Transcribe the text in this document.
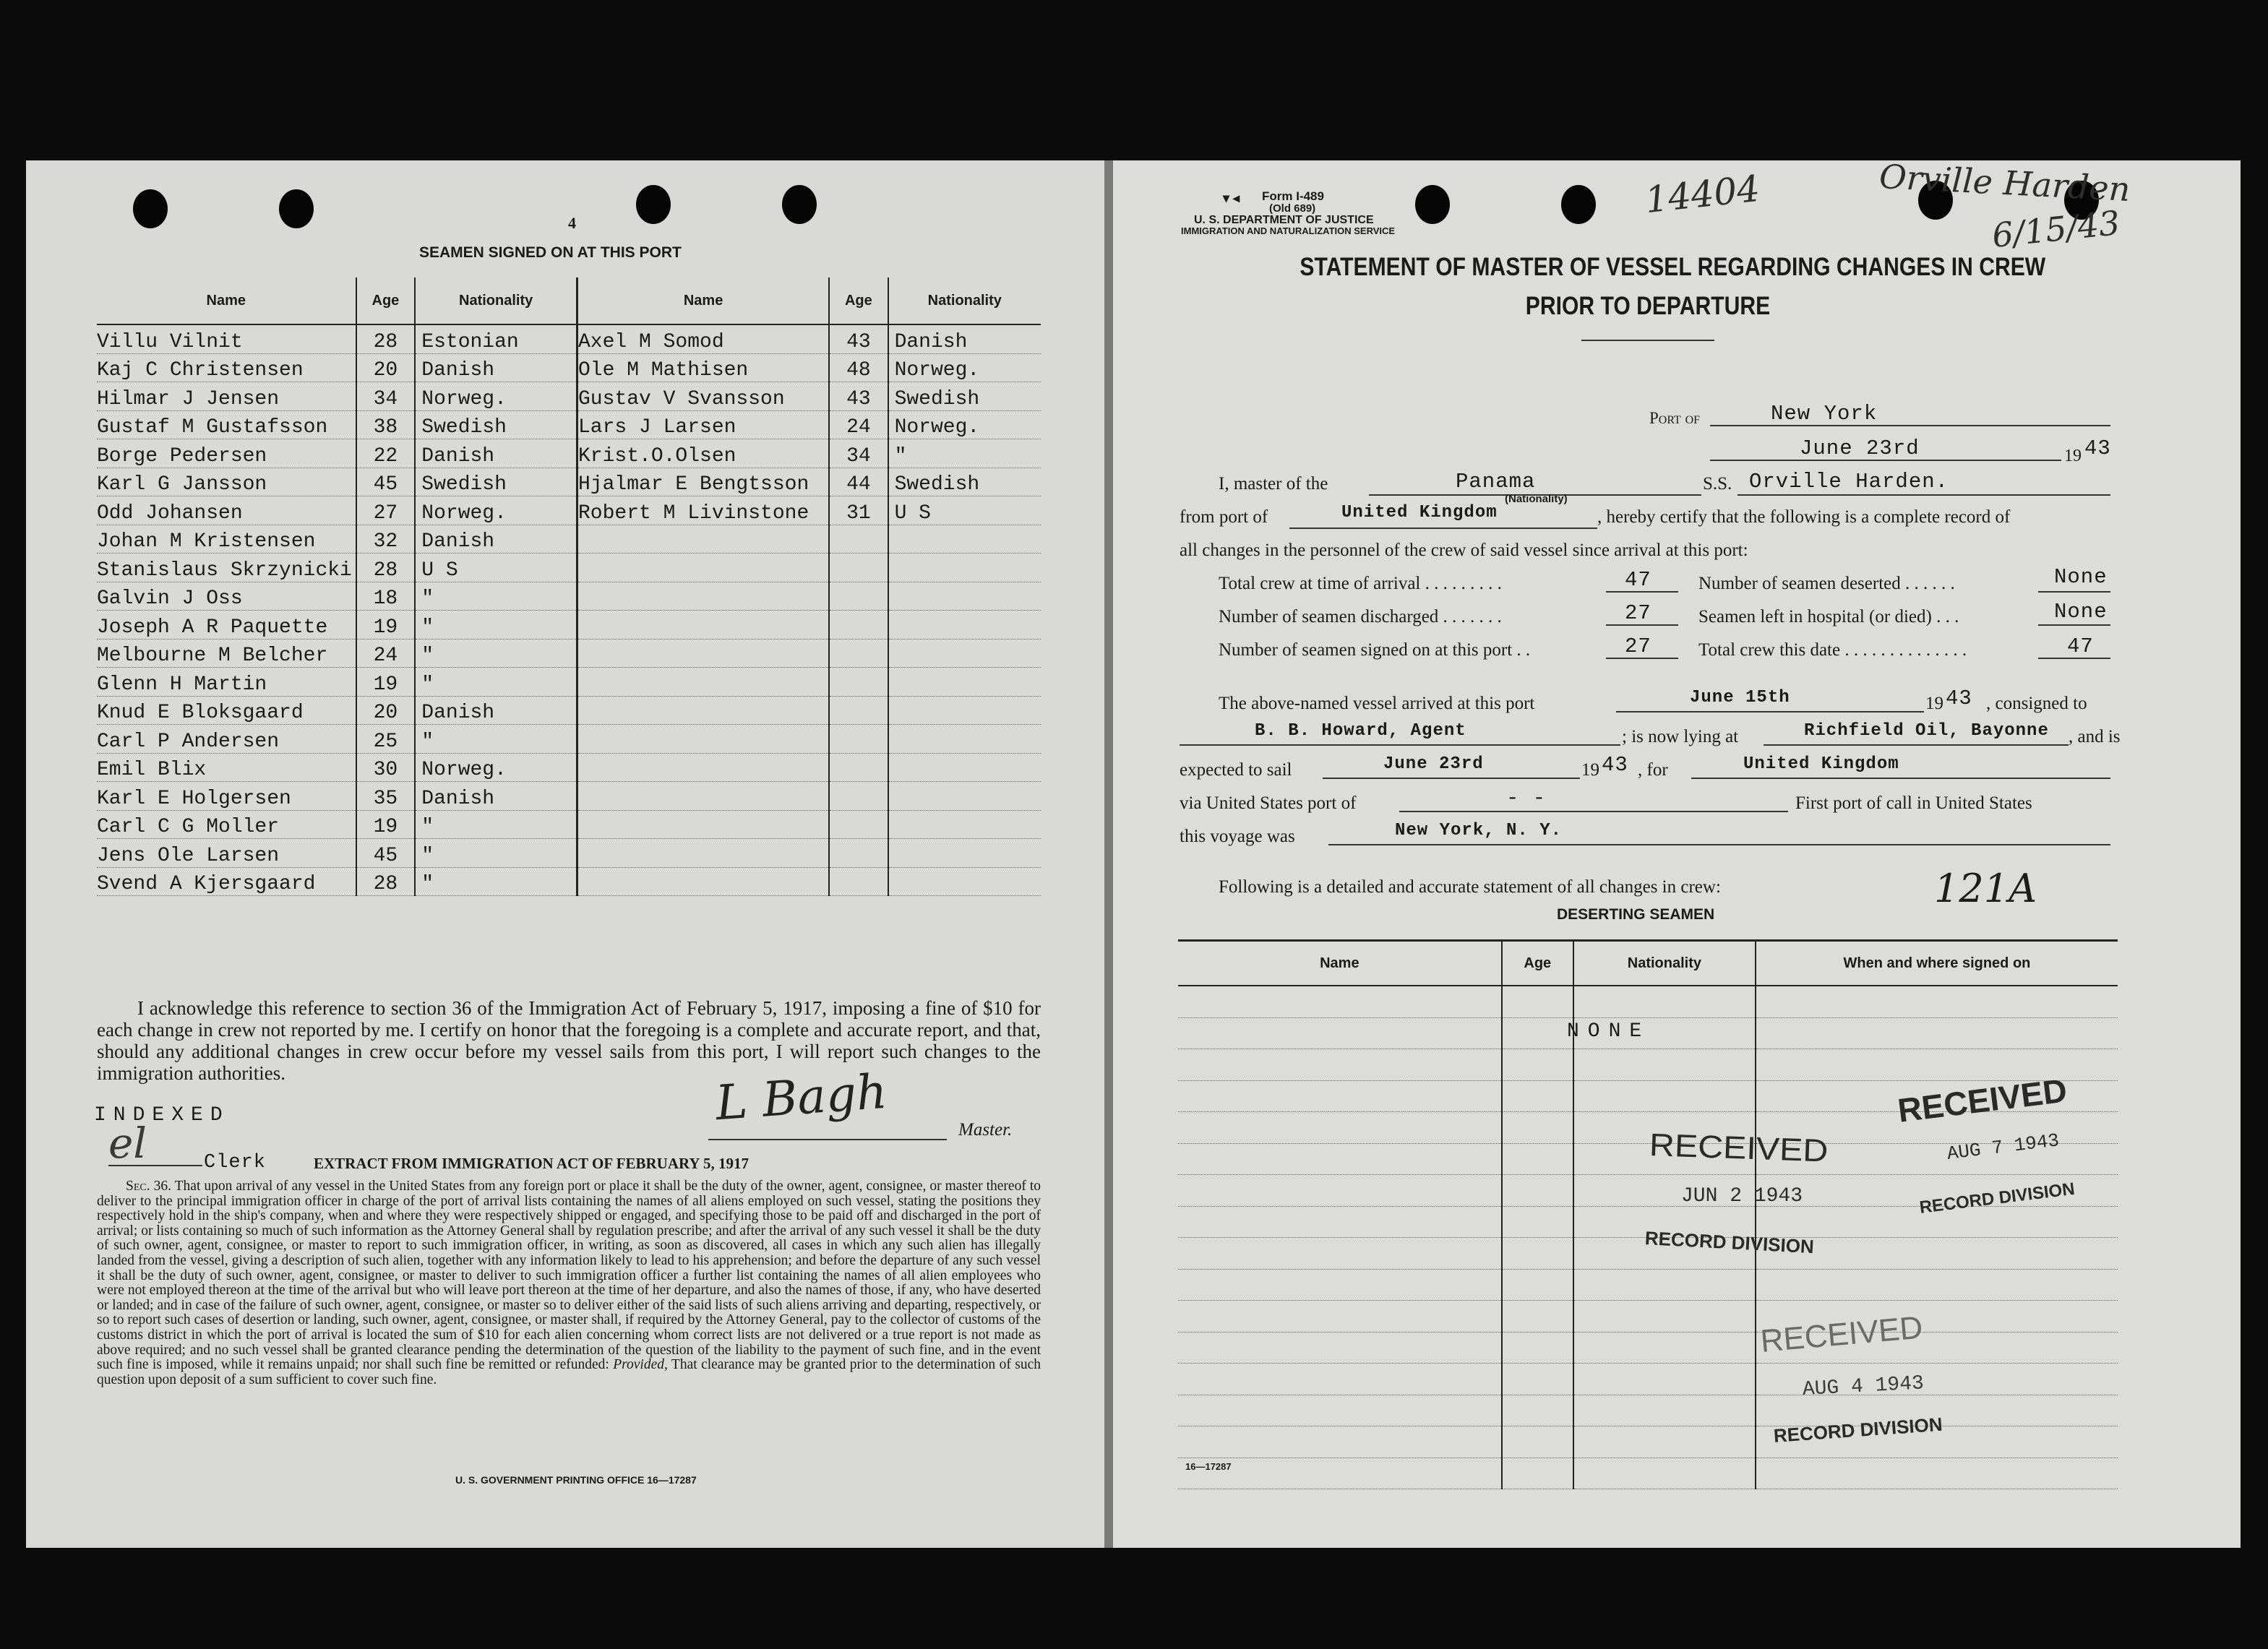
4
SEAMEN SIGNED ON AT THIS PORT
Name	Age	Nationality
Villu Vilnit	28	Estonian
Kaj C Christensen	20	Danish
Hilmar J Jensen	34	Norweg.
Gustaf M Gustafsson	38	Swedish
Borge Pedersen	22	Danish
Karl G Jansson	45	Swedish
Odd Johansen	27	Norweg.
Johan M Kristensen	32	Danish
Stanislaus Skrzynicki	28	U S
Galvin J Oss	18	"
Joseph A R Paquette	19	"
Melbourne M Belcher	24	"
Glenn H Martin	19	"
Knud E Bloksgaard	20	Danish
Carl P Andersen	25	"
Emil Blix	30	Norweg.
Karl E Holgersen	35	Danish
Carl C G Moller	19	"
Jens Ole Larsen	45	"
Svend A Kjersgaard	28	"
Name	Age	Nationality
Axel M Somod	43	Danish
Ole M Mathisen	48	Norweg.
Gustav V Svansson	43	Swedish
Lars J Larsen	24	Norweg.
Krist.O.Olsen	34	"
Hjalmar E Bengtsson	44	Swedish
Robert M Livinstone	31	U S

I acknowledge this reference to section 36 of the Immigration Act of February 5, 1917, imposing a fine of $10 for each change in crew not reported by me. I certify on honor that the foregoing is a complete and accurate report, and that, should any additional changes in crew occur before my vessel sails from this port, I will report such changes to the immigration authorities.
INDEXED
el	Clerk
L Bagh	Master.
EXTRACT FROM IMMIGRATION ACT OF FEBRUARY 5, 1917
Sec. 36. That upon arrival of any vessel in the United States from any foreign port or place it shall be the duty of the owner, agent, consignee, or master thereof to deliver to the principal immigration officer in charge of the port of arrival lists containing the names of all aliens employed on such vessel, stating the positions they respectively hold in the ship's company, when and where they were respectively shipped or engaged, and specifying those to be paid off and discharged in the port of arrival; or lists containing so much of such information as the Attorney General shall by regulation prescribe; and after the arrival of any such vessel it shall be the duty of such owner, agent, consignee, or master to report to such immigration officer, in writing, as soon as discovered, all cases in which any such alien has illegally landed from the vessel, giving a description of such alien, together with any information likely to lead to his apprehension; and before the departure of any such vessel it shall be the duty of such owner, agent, consignee, or master to deliver to such immigration officer a further list containing the names of all alien employees who were not employed thereon at the time of the arrival but who will leave port thereon at the time of her departure, and also the names of those, if any, who have deserted or landed; and in case of the failure of such owner, agent, consignee, or master so to deliver either of the said lists of such aliens arriving and departing, respectively, or so to report such cases of desertion or landing, such owner, agent, consignee, or master shall, if required by the Attorney General, pay to the collector of customs of the customs district in which the port of arrival is located the sum of $10 for each alien concerning whom correct lists are not delivered or a true report is not made as above required; and no such vessel shall be granted clearance pending the determination of the question of the liability to the payment of such fine, and in the event such fine is imposed, while it remains unpaid; nor shall such fine be remitted or refunded: Provided, That clearance may be granted prior to the determination of such question upon deposit of a sum sufficient to cover such fine.
U. S. GOVERNMENT PRINTING OFFICE 16—17287
▾ ◂ Form I-489
(Old 689)
U. S. DEPARTMENT OF JUSTICE
IMMIGRATION AND NATURALIZATION SERVICE
14404	Orville Harden
6/15/43
STATEMENT OF MASTER OF VESSEL REGARDING CHANGES IN CREW
PRIOR TO DEPARTURE
Port of	New York
June 23rd	19 43
I, master of the	Panama
(Nationality)
S.S. Orville Harden.
from port of	United Kingdom	, hereby certify that the following is a complete record of
all changes in the personnel of the crew of said vessel since arrival at this port:
Total crew at time of arrival . . . . . . . . .	47
Number of seamen discharged . . . . . . .	27
Number of seamen signed on at this port . .	27
Number of seamen deserted . . . . . .	None
Seamen left in hospital (or died) . . .	None
Total crew this date . . . . . . . . . . . . . .	47
The above-named vessel arrived at this port	June 15th	19 43 , consigned to
B. B. Howard, Agent	; is now lying at	Richfield Oil, Bayonne , and is
expected to sail	June 23rd	19 43 , for	United Kingdom
via United States port of	- -	First port of call in United States
this voyage was	New York, N. Y.
Following is a detailed and accurate statement of all changes in crew:	121A
DESERTING SEAMEN
Name	Age	Nationality	When and where signed on

NONE
RECEIVED
JUN 2 1943
RECORD DIVISION
RECEIVED
AUG 7 1943
RECORD DIVISION
RECEIVED
AUG 4 1943
RECORD DIVISION
16—17287
